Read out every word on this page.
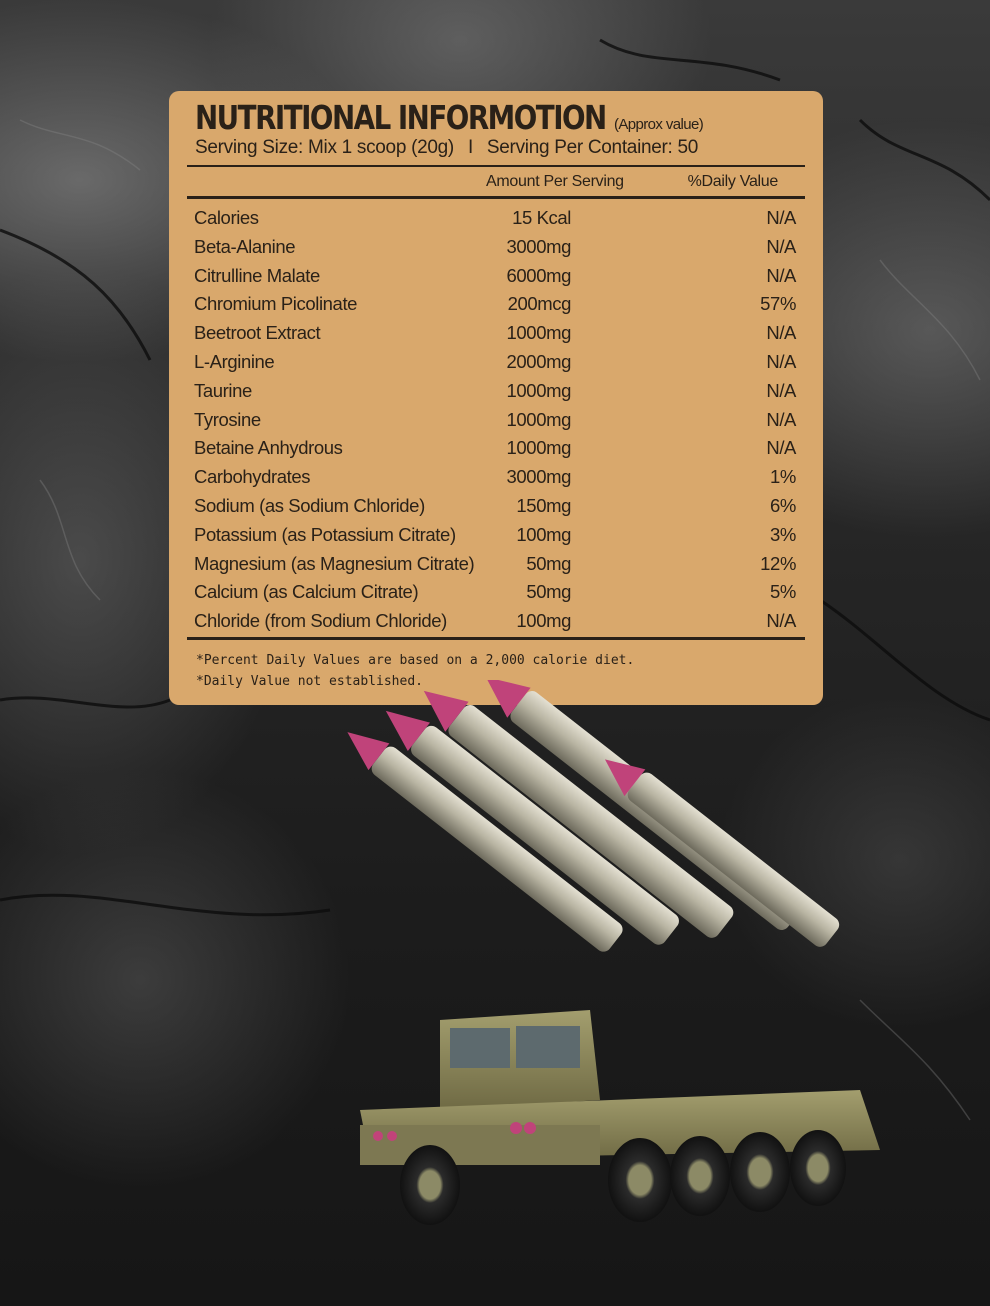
NUTRITIONAL INFORMOTION (Approx value)
Serving Size: Mix 1 scoop (20g) I Serving Per Container: 50
Amount Per Serving	%Daily Value
Calories	15 Kcal	N/A
Beta-Alanine	3000mg	N/A
Citrulline Malate	6000mg	N/A
Chromium Picolinate	200mcg	57%
Beetroot Extract	1000mg	N/A
L-Arginine	2000mg	N/A
Taurine	1000mg	N/A
Tyrosine	1000mg	N/A
Betaine Anhydrous	1000mg	N/A
Carbohydrates	3000mg	1%
Sodium (as Sodium Chloride)	150mg	6%
Potassium (as Potassium Citrate)	100mg	3%
Magnesium (as Magnesium Citrate)	50mg	12%
Calcium (as Calcium Citrate)	50mg	5%
Chloride (from Sodium Chloride)	100mg	N/A
*Percent Daily Values are based on a 2,000 calorie diet.
*Daily Value not established.
